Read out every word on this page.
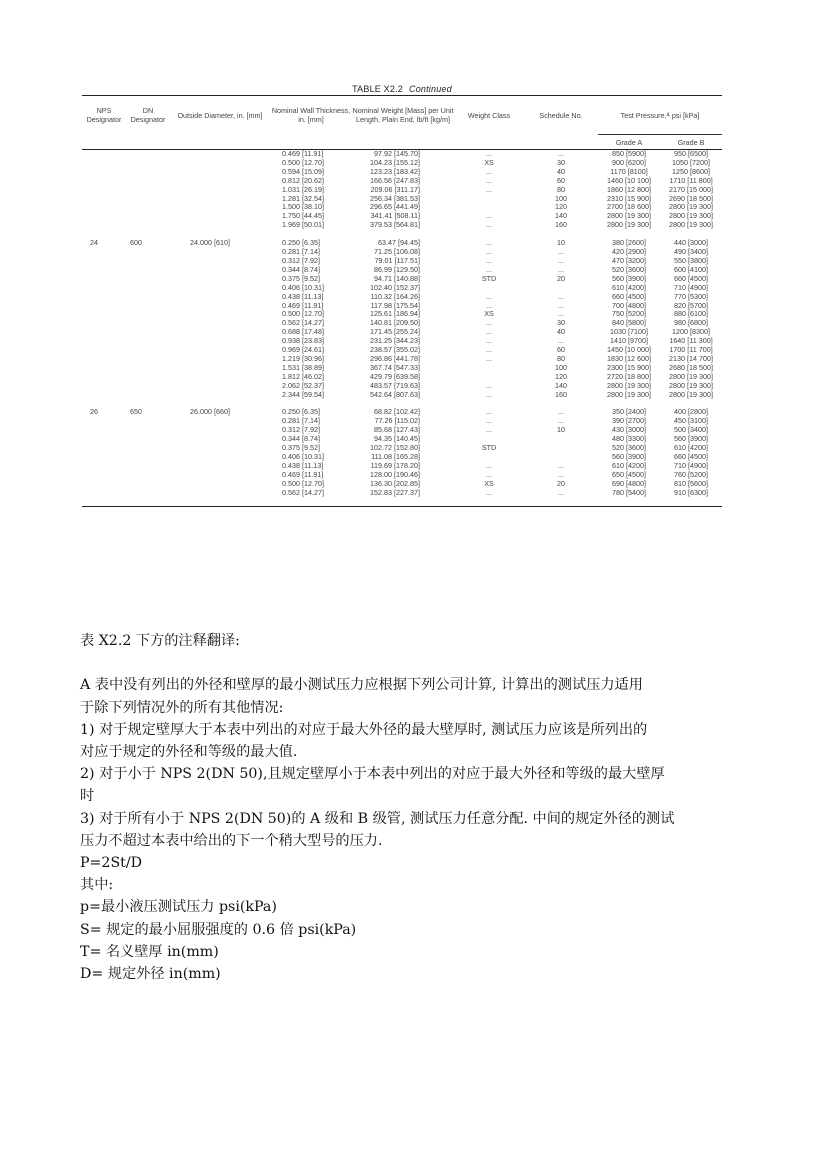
TABLE X2.2 Continued
NPS Designator	DN Designator	Outside Diameter, in. [mm]	Nominal Wall Thickness, in. [mm]	Nominal Weight [Mass] per Unit Length, Plain End, lb/ft [kg/m]	Weight Class	Schedule No.	Test Pressure,ᴬ psi [kPa]	
							Grade A	Grade B
			0.469 [11.91]	97.92 [145.70]	...	...	850 [5900]	950 [6500]
			0.500 [12.70]	104.23 [155.12]	XS	30	900 [6200]	1050 [7200]
			0.594 [15.09]	123.23 [183.42]	...	40	1170 [8100]	1250 [8600]
			0.812 [20.62]	166.56 [247.83]	...	60	1460 [10 100]	1710 [11 800]
			1.031 [26.19]	209.06 [311.17]	...	80	1860 [12 800]	2170 [15 000]
			1.281 [32.54]	256.34 [381.53]		100	2310 [15 900]	2690 [18 500]
			1.500 [38.10]	296.65 [441.49]		120	2700 [18 600]	2800 [19 300]
			1.750 [44.45]	341.41 [508.11]	...	140	2800 [19 300]	2800 [19 300]
			1.969 [50.01]	379.53 [564.81]	...	160	2800 [19 300]	2800 [19 300]

24	600	24.000 [610]	0.250 [6.35]	63.47 [94.45]	...	10	380 [2600]	440 [3000]
			0.281 [7.14]	71.25 [106.08]	...	...	420 [2900]	490 [3400]
			0.312 [7.92]	79.01 [117.51]	...	...	470 [3200]	550 [3800]
			0.344 [8.74]	86.99 [129.50]	...	...	520 [3600]	600 [4100]
			0.375 [9.52]	94.71 [140.88]	STD	20	560 [3900]	660 [4500]
			0.406 [10.31]	102.40 [152.37]			610 [4200]	710 [4900]
			0.438 [11.13]	110.32 [164.26]	...	...	660 [4500]	770 [5300]
			0.469 [11.91]	117.98 [175.54]	...	...	700 [4800]	820 [5700]
			0.500 [12.70]	125.61 [186.94]	XS	...	750 [5200]	880 [6100]
			0.562 [14.27]	140.81 [209.50]	...	30	840 [5800]	980 [6800]
			0.688 [17.48]	171.45 [255.24]	...	40	1030 [7100]	1200 [8300]
			0.938 [23.83]	231.25 [344.23]	...	...	1410 [9700]	1640 [11 300]
			0.969 [24.61]	238.57 [355.02]	...	60	1450 [10 000]	1700 [11 700]
			1.219 [30.96]	296.86 [441.78]	...	80	1830 [12 600]	2130 [14 700]
			1.531 [38.89]	367.74 [547.33]		100	2300 [15 900]	2680 [18 500]
			1.812 [46.02]	429.79 [639.58]		120	2720 [18 800]	2800 [19 300]
			2.062 [52.37]	483.57 [719.63]	...	140	2800 [19 300]	2800 [19 300]
			2.344 [59.54]	542.64 [807.63]	...	160	2800 [19 300]	2800 [19 300]

26	650	26.000 [660]	0.250 [6.35]	68.82 [102.42]	...	...	350 [2400]	400 [2800]
			0.281 [7.14]	77.26 [115.02]	...	...	390 [2700]	450 [3100]
			0.312 [7.92]	85.68 [127.43]	...	10	430 [3000]	500 [3400]
			0.344 [8.74]	94.35 [140.45]			480 [3300]	560 [3900]
			0.375 [9.52]	102.72 [152.80]	STD		520 [3600]	610 [4200]
			0.406 [10.31]	111.08 [165.28]			560 [3900]	660 [4500]
			0.438 [11.13]	119.69 [178.20]	...	...	610 [4200]	710 [4900]
			0.469 [11.91]	128.00 [190.46]	...	...	650 [4500]	760 [5200]
			0.500 [12.70]	136.30 [202.85]	XS	20	690 [4800]	810 [5600]
			0.562 [14.27]	152.83 [227.37]	...	...	780 [5400]	910 [6300]

表 X2.2 下方的注释翻译:

A 表中没有列出的外径和壁厚的最小测试压力应根据下列公司计算, 计算出的测试压力适用

于除下列情况外的所有其他情况:

1) 对于规定壁厚大于本表中列出的对应于最大外径的最大壁厚时, 测试压力应该是所列出的

对应于规定的外径和等级的最大值.

2) 对于小于 NPS 2(DN 50),且规定壁厚小于本表中列出的对应于最大外径和等级的最大壁厚

时

3) 对于所有小于 NPS 2(DN 50)的 A 级和 B 级管, 测试压力任意分配. 中间的规定外径的测试

压力不超过本表中给出的下一个稍大型号的压力.

P=2St/D

其中:

p=最小液压测试压力 psi(kPa)

S= 规定的最小屈服强度的 0.6 倍 psi(kPa)

T= 名义壁厚 in(mm)

D= 规定外径 in(mm)
